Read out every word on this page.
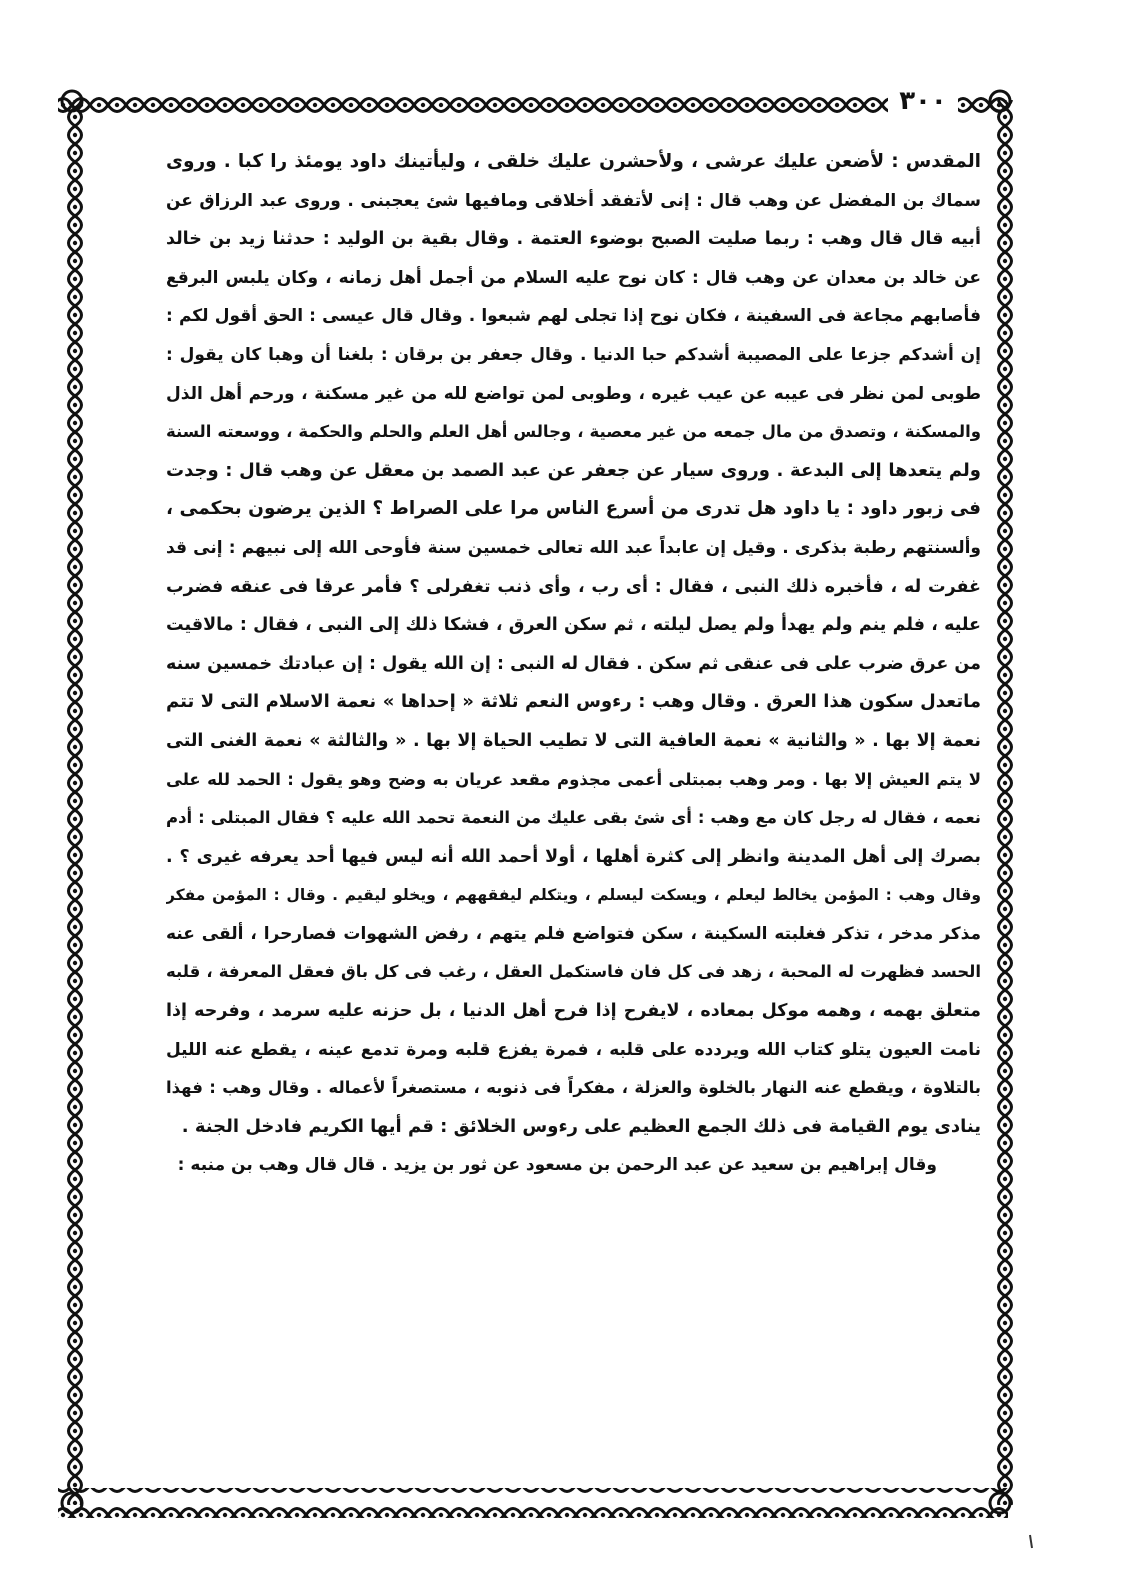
٣٠٠
المقدس : لأضعن عليك عرشى ، ولأحشرن عليك خلقى ، وليأتينك داود يومئذ را كبا . وروى
سماك بن المفضل عن وهب قال : إنى لأتفقد أخلاقى ومافيها شئ يعجبنى . وروى عبد الرزاق عن
أبيه قال قال وهب : ربما صليت الصبح بوضوء العتمة . وقال بقية بن الوليد : حدثنا زيد بن خالد
عن خالد بن معدان عن وهب قال : كان نوح عليه السلام من أجمل أهل زمانه ، وكان يلبس البرقع
فأصابهم مجاعة فى السفينة ، فكان نوح إذا تجلى لهم شبعوا . وقال قال عيسى : الحق أقول لكم :
إن أشدكم جزعا على المصيبة أشدكم حبا الدنيا . وقال جعفر بن برقان : بلغنا أن وهبا كان يقول :
طوبى لمن نظر فى عيبه عن عيب غيره ، وطوبى لمن تواضع لله من غير مسكنة ، ورحم أهل الذل
والمسكنة ، وتصدق من مال جمعه من غير معصية ، وجالس أهل العلم والحلم والحكمة ، ووسعته السنة
ولم يتعدها إلى البدعة . وروى سيار عن جعفر عن عبد الصمد بن معقل عن وهب قال : وجدت
فى زبور داود : يا داود هل تدرى من أسرع الناس مرا على الصراط ؟ الذين يرضون بحكمى ،
وألسنتهم رطبة بذكرى . وقيل إن عابداً عبد الله تعالى خمسين سنة فأوحى الله إلى نبيهم : إنى قد
غفرت له ، فأخبره ذلك النبى ، فقال : أى رب ، وأى ذنب تغفرلى ؟ فأمر عرقا فى عنقه فضرب
عليه ، فلم ينم ولم يهدأ ولم يصل ليلته ، ثم سكن العرق ، فشكا ذلك إلى النبى ، فقال : مالاقيت
من عرق ضرب على فى عنقى ثم سكن . فقال له النبى : إن الله يقول : إن عبادتك خمسين سنه
ماتعدل سكون هذا العرق . وقال وهب : رءوس النعم ثلاثة « إحداها » نعمة الاسلام التى لا تتم
نعمة إلا بها . « والثانية » نعمة العافية التى لا تطيب الحياة إلا بها . « والثالثة » نعمة الغنى التى
لا يتم العيش إلا بها . ومر وهب بمبتلى أعمى مجذوم مقعد عريان به وضح وهو يقول : الحمد لله على
نعمه ، فقال له رجل كان مع وهب : أى شئ بقى عليك من النعمة تحمد الله عليه ؟ فقال المبتلى : أدم
بصرك إلى أهل المدينة وانظر إلى كثرة أهلها ، أولا أحمد الله أنه ليس فيها أحد يعرفه غيرى ؟ .
وقال وهب : المؤمن يخالط ليعلم ، ويسكت ليسلم ، ويتكلم ليفقههم ، ويخلو ليقيم . وقال : المؤمن مفكر
مذكر مدخر ، تذكر فغلبته السكينة ، سكن فتواضع فلم يتهم ، رفض الشهوات فصارحرا ، ألقى عنه
الحسد فظهرت له المحبة ، زهد فى كل فان فاستكمل العقل ، رغب فى كل باق فعقل المعرفة ، قلبه
متعلق بهمه ، وهمه موكل بمعاده ، لايفرح إذا فرح أهل الدنيا ، بل حزنه عليه سرمد ، وفرحه إذا
نامت العيون يتلو كتاب الله ويردده على قلبه ، فمرة يفزع قلبه ومرة تدمع عينه ، يقطع عنه الليل
بالتلاوة ، ويقطع عنه النهار بالخلوة والعزلة ، مفكراً فى ذنوبه ، مستصغراً لأعماله . وقال وهب : فهذا
ينادى يوم القيامة فى ذلك الجمع العظيم على رءوس الخلائق : قم أيها الكريم فادخل الجنة .
وقال إبراهيم بن سعيد عن عبد الرحمن بن مسعود عن ثور بن يزيد . قال قال وهب بن منبه :
